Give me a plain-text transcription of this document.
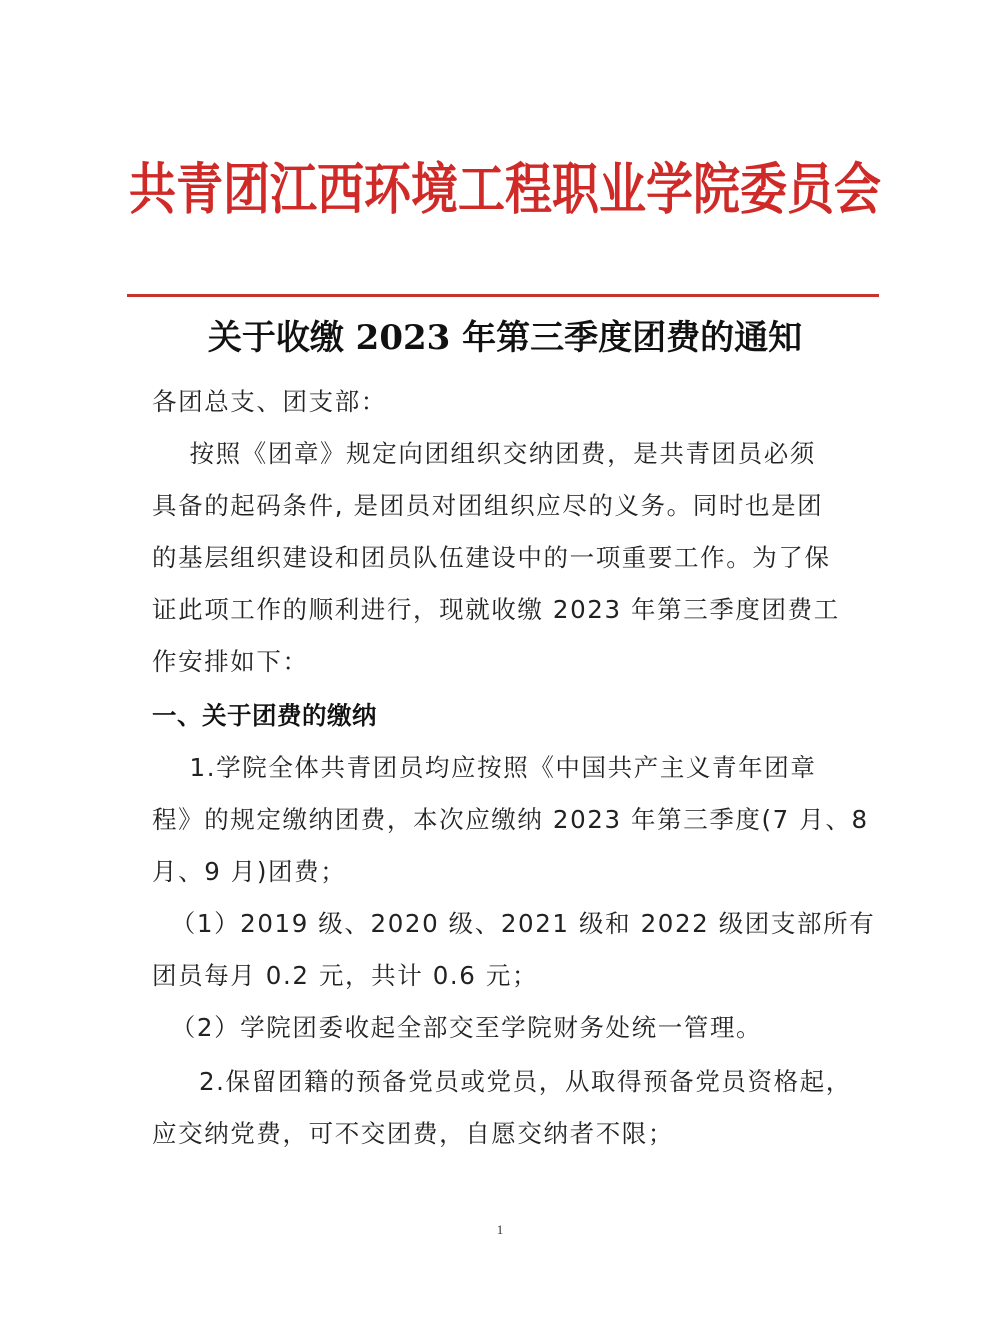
共青团江西环境工程职业学院委员会
关于收缴 2023 年第三季度团费的通知
各团总支、团支部：
按照《团章》规定向团组织交纳团费，是共青团员必须
具备的起码条件, 是团员对团组织应尽的义务。同时也是团
的基层组织建设和团员队伍建设中的一项重要工作。为了保
证此项工作的顺利进行，现就收缴 2023 年第三季度团费工
作安排如下：
一、关于团费的缴纳
1.学院全体共青团员均应按照《中国共产主义青年团章
程》的规定缴纳团费，本次应缴纳 2023 年第三季度(7 月、8
月、9 月)团费；
（1）2019 级、2020 级、2021 级和 2022 级团支部所有
团员每月 0.2 元，共计 0.6 元；
（2）学院团委收起全部交至学院财务处统一管理。
2.保留团籍的预备党员或党员，从取得预备党员资格起，
应交纳党费，可不交团费，自愿交纳者不限；
1
